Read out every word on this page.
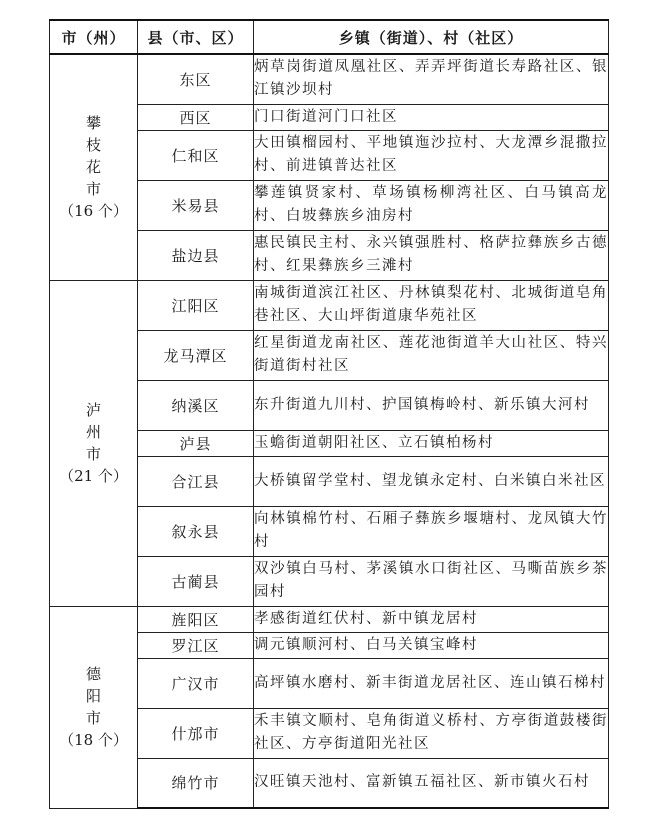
市（州）	县（市、区）	乡镇（街道）、村（社区）

攀枝花市
（16 个）	东区	炳草岗街道凤凰社区、弄弄坪街道长寿路社区、银江镇沙坝村
	西区	门口街道河门口社区
	仁和区	大田镇榴园村、平地镇迤沙拉村、大龙潭乡混撒拉村、前进镇普达社区
	米易县	攀莲镇贤家村、草场镇杨柳湾社区、白马镇高龙村、白坡彝族乡油房村
	盐边县	惠民镇民主村、永兴镇强胜村、格萨拉彝族乡古德村、红果彝族乡三滩村

泸州市
（21 个）	江阳区	南城街道滨江社区、丹林镇梨花村、北城街道皂角巷社区、大山坪街道康华苑社区
	龙马潭区	红星街道龙南社区、莲花池街道羊大山社区、特兴街道街村社区
	纳溪区	东升街道九川村、护国镇梅岭村、新乐镇大河村
	泸县	玉蟾街道朝阳社区、立石镇柏杨村
	合江县	大桥镇留学堂村、望龙镇永定村、白米镇白米社区
	叙永县	向林镇棉竹村、石厢子彝族乡堰塘村、龙凤镇大竹村
	古蔺县	双沙镇白马村、茅溪镇水口街社区、马嘶苗族乡茶园村

德阳市
（18 个）	旌阳区	孝感街道红伏村、新中镇龙居村
	罗江区	调元镇顺河村、白马关镇宝峰村
	广汉市	高坪镇水磨村、新丰街道龙居社区、连山镇石梯村
	什邡市	禾丰镇文顺村、皂角街道义桥村、方亭街道鼓楼街社区、方亭街道阳光社区
	绵竹市	汉旺镇天池村、富新镇五福社区、新市镇火石村
